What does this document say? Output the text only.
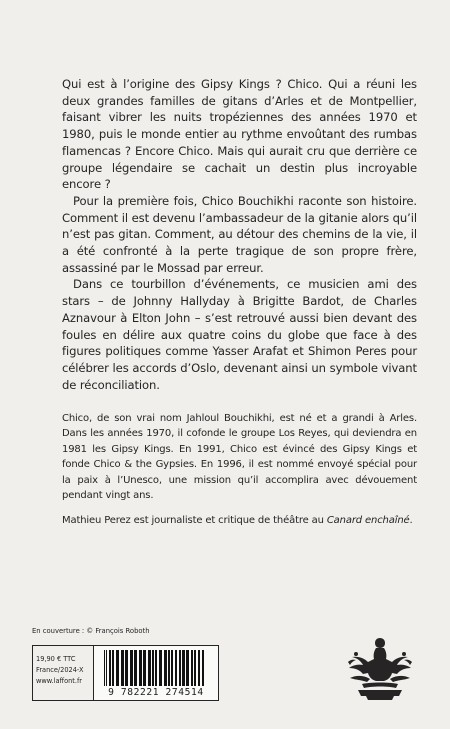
Qui est à l’origine des Gipsy Kings ? Chico. Qui a réuni les deux grandes familles de gitans d’Arles et de Montpellier, faisant vibrer les nuits tropéziennes des années 1970 et 1980, puis le monde entier au rythme envoûtant des rumbas flamencas ? Encore Chico. Mais qui aurait cru que derrière ce groupe légendaire se cachait un destin plus incroyable encore ?

Pour la première fois, Chico Bouchikhi raconte son histoire. Comment il est devenu l’ambassadeur de la gitanie alors qu’il n’est pas gitan. Comment, au détour des chemins de la vie, il a été confronté à la perte tragique de son propre frère, assassiné par le Mossad par erreur.

Dans ce tourbillon d’événements, ce musicien ami des stars – de Johnny Hallyday à Brigitte Bardot, de Charles Aznavour à Elton John – s’est retrouvé aussi bien devant des foules en délire aux quatre coins du globe que face à des figures politiques comme Yasser Arafat et Shimon Peres pour célébrer les accords d’Oslo, devenant ainsi un symbole vivant de réconciliation.

Chico, de son vrai nom Jahloul Bouchikhi, est né et a grandi à Arles. Dans les années 1970, il cofonde le groupe Los Reyes, qui deviendra en 1981 les Gipsy Kings. En 1991, Chico est évincé des Gipsy Kings et fonde Chico & the Gypsies. En 1996, il est nommé envoyé spécial pour la paix à l’Unesco, une mission qu’il accomplira avec dévouement pendant vingt ans.

Mathieu Perez est journaliste et critique de théâtre au Canard enchaîné.

En couverture : © François Roboth
19,90 € TTC
France/2024-X
www.laffont.fr
9 782221 274514
